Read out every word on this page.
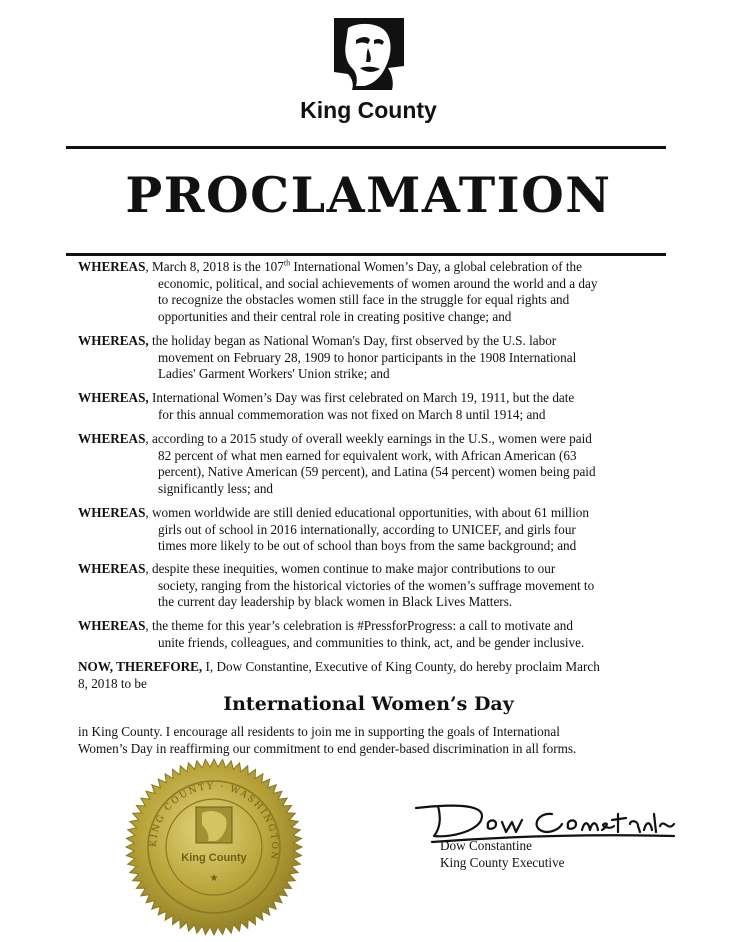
King County
PROCLAMATION
WHEREAS, March 8, 2018 is the 107th International Women’s Day, a global celebration of the
economic, political, and social achievements of women around the world and a day
to recognize the obstacles women still face in the struggle for equal rights and
opportunities and their central role in creating positive change; and
WHEREAS, the holiday began as National Woman's Day, first observed by the U.S. labor
movement on February 28, 1909 to honor participants in the 1908 International
Ladies' Garment Workers' Union strike; and
WHEREAS, International Women’s Day was first celebrated on March 19, 1911, but the date
for this annual commemoration was not fixed on March 8 until 1914; and
WHEREAS, according to a 2015 study of overall weekly earnings in the U.S., women were paid
82 percent of what men earned for equivalent work, with African American (63
percent), Native American (59 percent), and Latina (54 percent) women being paid
significantly less; and
WHEREAS, women worldwide are still denied educational opportunities, with about 61 million
girls out of school in 2016 internationally, according to UNICEF, and girls four
times more likely to be out of school than boys from the same background; and
WHEREAS, despite these inequities, women continue to make major contributions to our
society, ranging from the historical victories of the women’s suffrage movement to
the current day leadership by black women in Black Lives Matters.
WHEREAS, the theme for this year’s celebration is #PressforProgress: a call to motivate and
unite friends, colleagues, and communities to think, act, and be gender inclusive.
NOW, THEREFORE, I, Dow Constantine, Executive of King County, do hereby proclaim March
8, 2018 to be
International Women’s Day
in King County. I encourage all residents to join me in supporting the goals of International
Women’s Day in reaffirming our commitment to end gender-based discrimination in all forms.
KING COUNTY · WASHINGTON
King County
★
Dow Constantine
King County Executive
